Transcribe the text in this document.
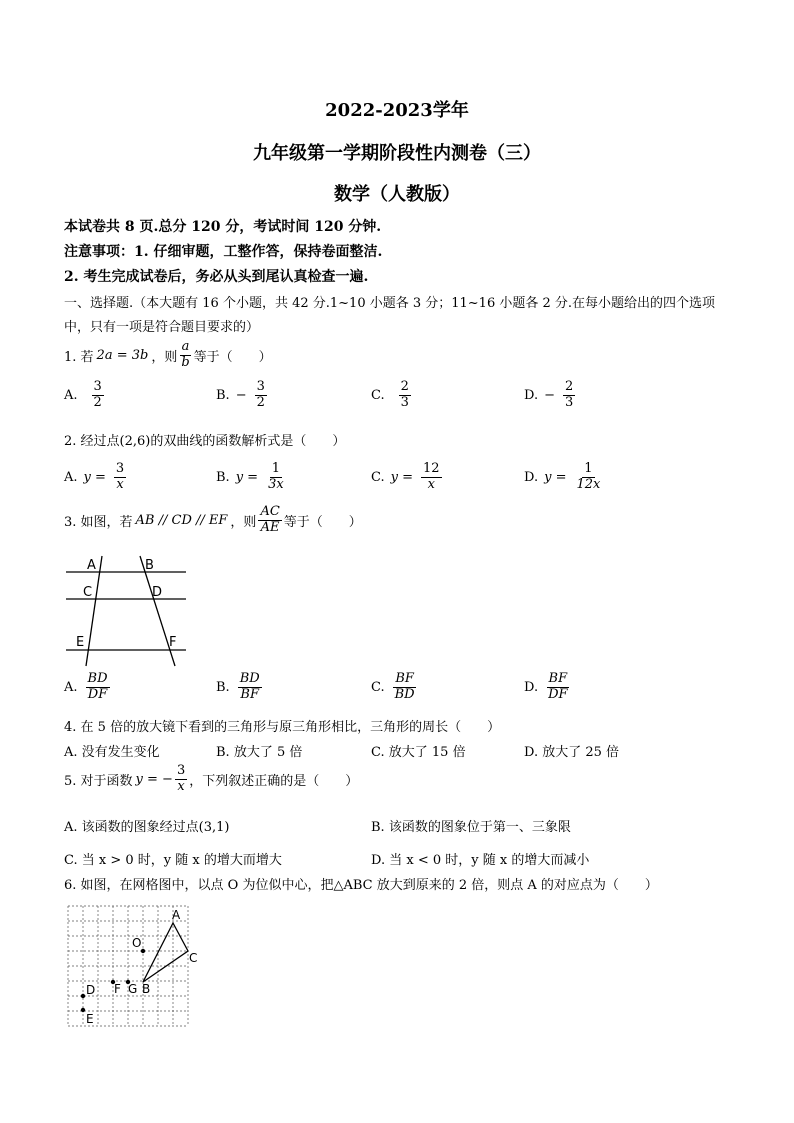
2022-2023学年
九年级第一学期阶段性内测卷（三）
数学（人教版）
本试卷共 8 页.总分 120 分，考试时间 120 分钟.
注意事项：1. 仔细审题，工整作答，保持卷面整洁.
2. 考生完成试卷后，务必从头到尾认真检查一遍.
一、选择题.（本大题有 16 个小题，共 42 分.1~10 小题各 3 分；11~16 小题各 2 分.在每小题给出的四个选项
中，只有一项是符合题目要求的）
1. 若 2a = 3b ，则 $\frac{a}{b}$ 等于（　　）
A. $\frac{3}{2}$	B. − $\frac{3}{2}$	C. $\frac{2}{3}$	D. − $\frac{2}{3}$
2. 经过点(2,6)的双曲线的函数解析式是（　　）
A. $y = \frac{3}{x}$	B. $y = \frac{1}{3x}$	C. $y = \frac{12}{x}$	D. $y = \frac{1}{12x}$
3. 如图，若 AB // CD // EF ，则 $\frac{AC}{AE}$ 等于（　　）
A	B
C	D
E	F
A. $\frac{BD}{DF}$	B. $\frac{BD}{BF}$	C. $\frac{BF}{BD}$	D. $\frac{BF}{DF}$
4. 在 5 倍的放大镜下看到的三角形与原三角形相比，三角形的周长（　　）
A. 没有发生变化	B. 放大了 5 倍	C. 放大了 15 倍	D. 放大了 25 倍
5. 对于函数 y = − $\frac{3}{x}$ ，下列叙述正确的是（　　）
A. 该函数的图象经过点(3,1)	B. 该函数的图象位于第一、三象限
C. 当 x > 0 时，y 随 x 的增大而增大	D. 当 x < 0 时，y 随 x 的增大而减小
6. 如图，在网格图中，以点 O 为位似中心，把△ABC 放大到原来的 2 倍，则点 A 的对应点为（　　）
A
O
C
D F G B
E
